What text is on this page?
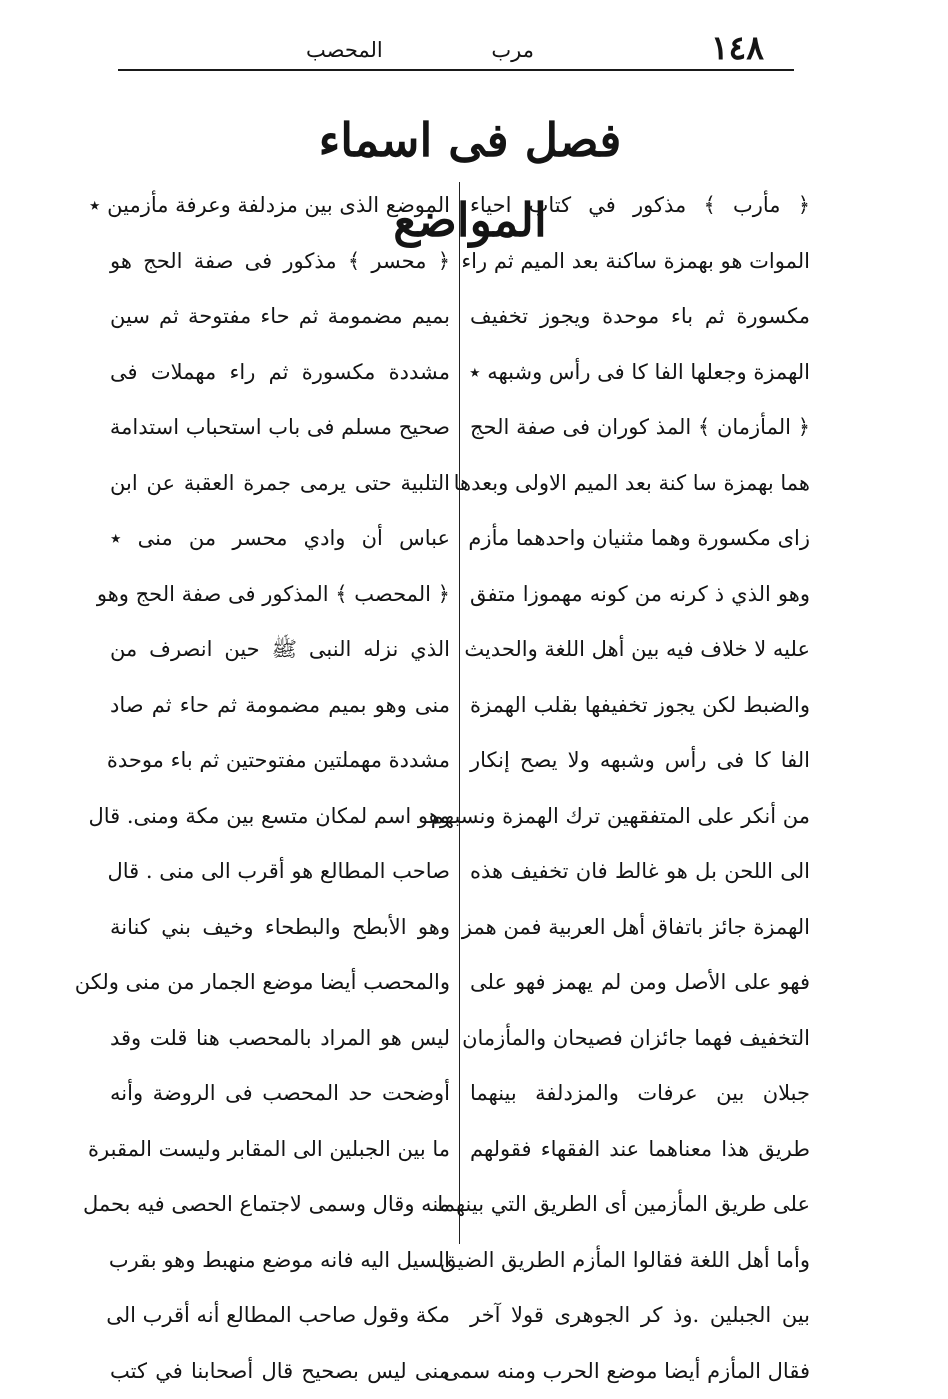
١٤٨
مرب
المحصب
فصل فى اسماء المواضع
﴿ مأرب ﴾ مذكور في كتاب احياء
الموات هو بهمزة ساكنة بعد الميم ثم راء
مكسورة ثم باء موحدة ويجوز تخفيف
الهمزة وجعلها الفا كا فى رأس وشبهه ٭
﴿ المأزمان ﴾ المذ كوران فى صفة الحج
هما بهمزة سا كنة بعد الميم الاولى وبعدها
زاى مكسورة وهما مثنيان واحدهما مأزم
وهو الذي ذ كرنه من كونه مهموزا متفق
عليه لا خلاف فيه بين أهل اللغة والحديث
والضبط لكن يجوز تخفيفها بقلب الهمزة
الفا كا فى رأس وشبهه ولا يصح إنكار
من أنكر على المتفقهين ترك الهمزة ونسبهم
الى اللحن بل هو غالط فان تخفيف هذه
الهمزة جائز باتفاق أهل العربية فمن همز
فهو على الأصل ومن لم يهمز فهو على
التخفيف فهما جائزان فصيحان والمأزمان
جبلان بين عرفات والمزدلفة بينهما
طريق هذا معناهما عند الفقهاء فقولهم
على طريق المأزمين أى الطريق التي بينهما
وأما أهل اللغة فقالوا المأزم الطريق الضيق
بين الجبلين .وذ كر الجوهرى قولا آخر
فقال المأزم أيضا موضع الحرب ومنه سمى
الموضع الذى بين مزدلفة وعرفة مأزمين ٭
﴿ محسر ﴾ مذكور فى صفة الحج هو
بميم مضمومة ثم حاء مفتوحة ثم سين
مشددة مكسورة ثم راء مهملات فى
صحيح مسلم فى باب استحباب استدامة
التلبية حتى يرمى جمرة العقبة عن ابن
عباس أن وادي محسر من منى ٭
﴿ المحصب ﴾ المذكور فى صفة الحج وهو
الذي نزله النبى ﷺ حين انصرف من
منى وهو بميم مضمومة ثم حاء ثم صاد
مشددة مهملتين مفتوحتين ثم باء موحدة
وهو اسم لمكان متسع بين مكة ومنى. قال
صاحب المطالع هو أقرب الى منى . قال
وهو الأبطح والبطحاء وخيف بني كنانة
والمحصب أيضا موضع الجمار من منى ولكن
ليس هو المراد بالمحصب هنا قلت وقد
أوضحت حد المحصب فى الروضة وأنه
ما بين الجبلين الى المقابر وليست المقبرة
منه وقال وسمى لاجتماع الحصى فيه بحمل
السيل اليه فانه موضع منهبط وهو بقرب
مكة وقول صاحب المطالع أنه أقرب الى
منى ليس بصحيح قال أصحابنا في كتب
